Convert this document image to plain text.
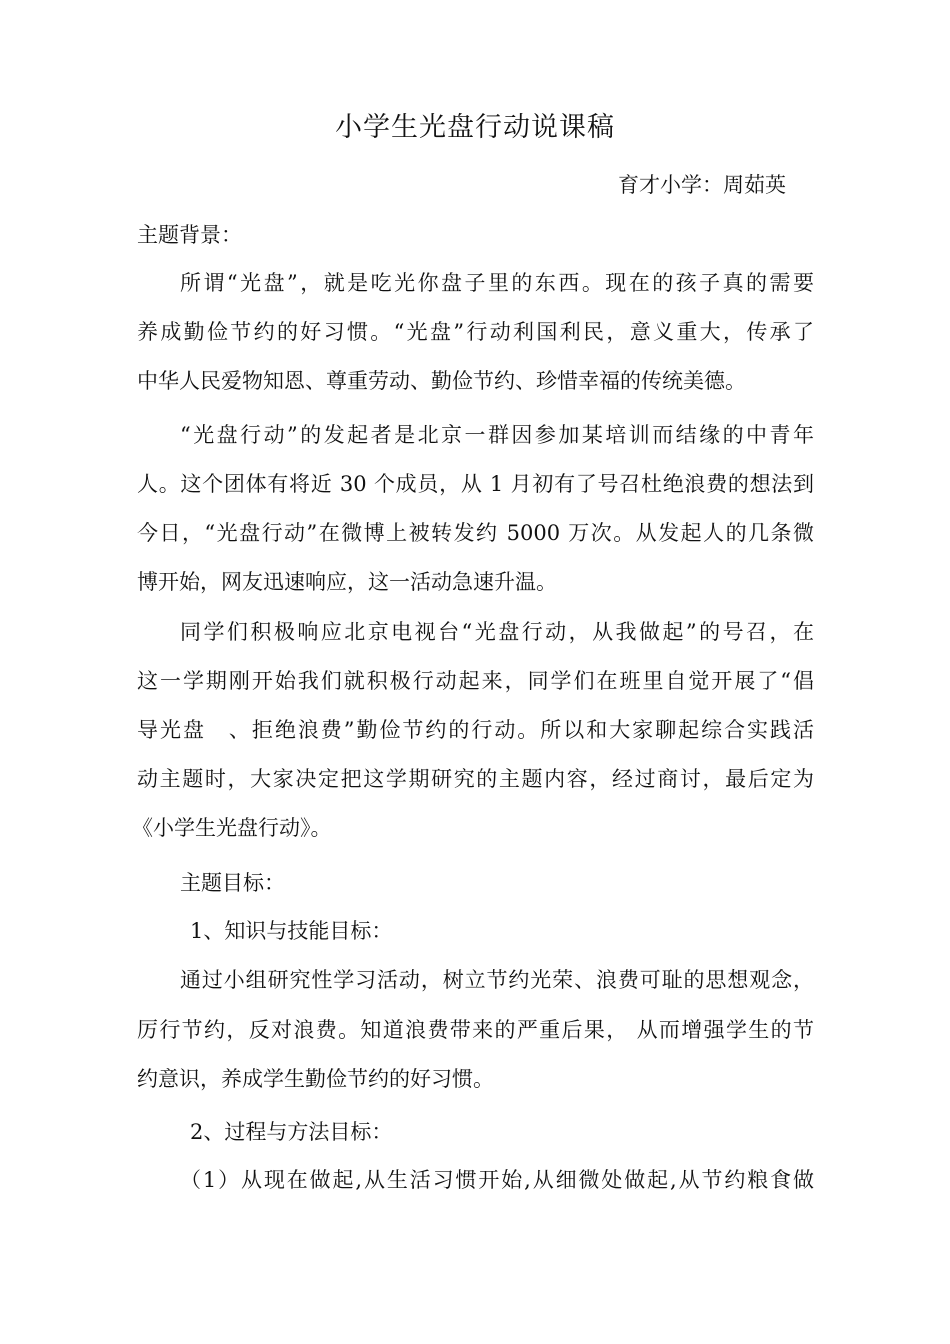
小学生光盘行动说课稿
育才小学：周茹英
主题背景：
所谓“光盘”，就是吃光你盘子里的东西。现在的孩子真的需要
养成勤俭节约的好习惯。“光盘”行动利国利民，意义重大，传承了
中华人民爱物知恩、尊重劳动、勤俭节约、珍惜幸福的传统美德。
“光盘行动”的发起者是北京一群因参加某培训而结缘的中青年
人。这个团体有将近 30 个成员，从 1 月初有了号召杜绝浪费的想法到
今日，“光盘行动”在微博上被转发约 5000 万次。从发起人的几条微
博开始，网友迅速响应，这一活动急速升温。
同学们积极响应北京电视台“光盘行动，从我做起”的号召，在
这一学期刚开始我们就积极行动起来，同学们在班里自觉开展了“倡
导光盘　、拒绝浪费”勤俭节约的行动。所以和大家聊起综合实践活
动主题时，大家决定把这学期研究的主题内容，经过商讨，最后定为
《小学生光盘行动》。
主题目标：
1、知识与技能目标：
通过小组研究性学习活动，树立节约光荣、浪费可耻的思想观念，
厉行节约，反对浪费。知道浪费带来的严重后果， 从而增强学生的节
约意识，养成学生勤俭节约的好习惯。
2、过程与方法目标：
（1）从现在做起,从生活习惯开始,从细微处做起,从节约粮食做
